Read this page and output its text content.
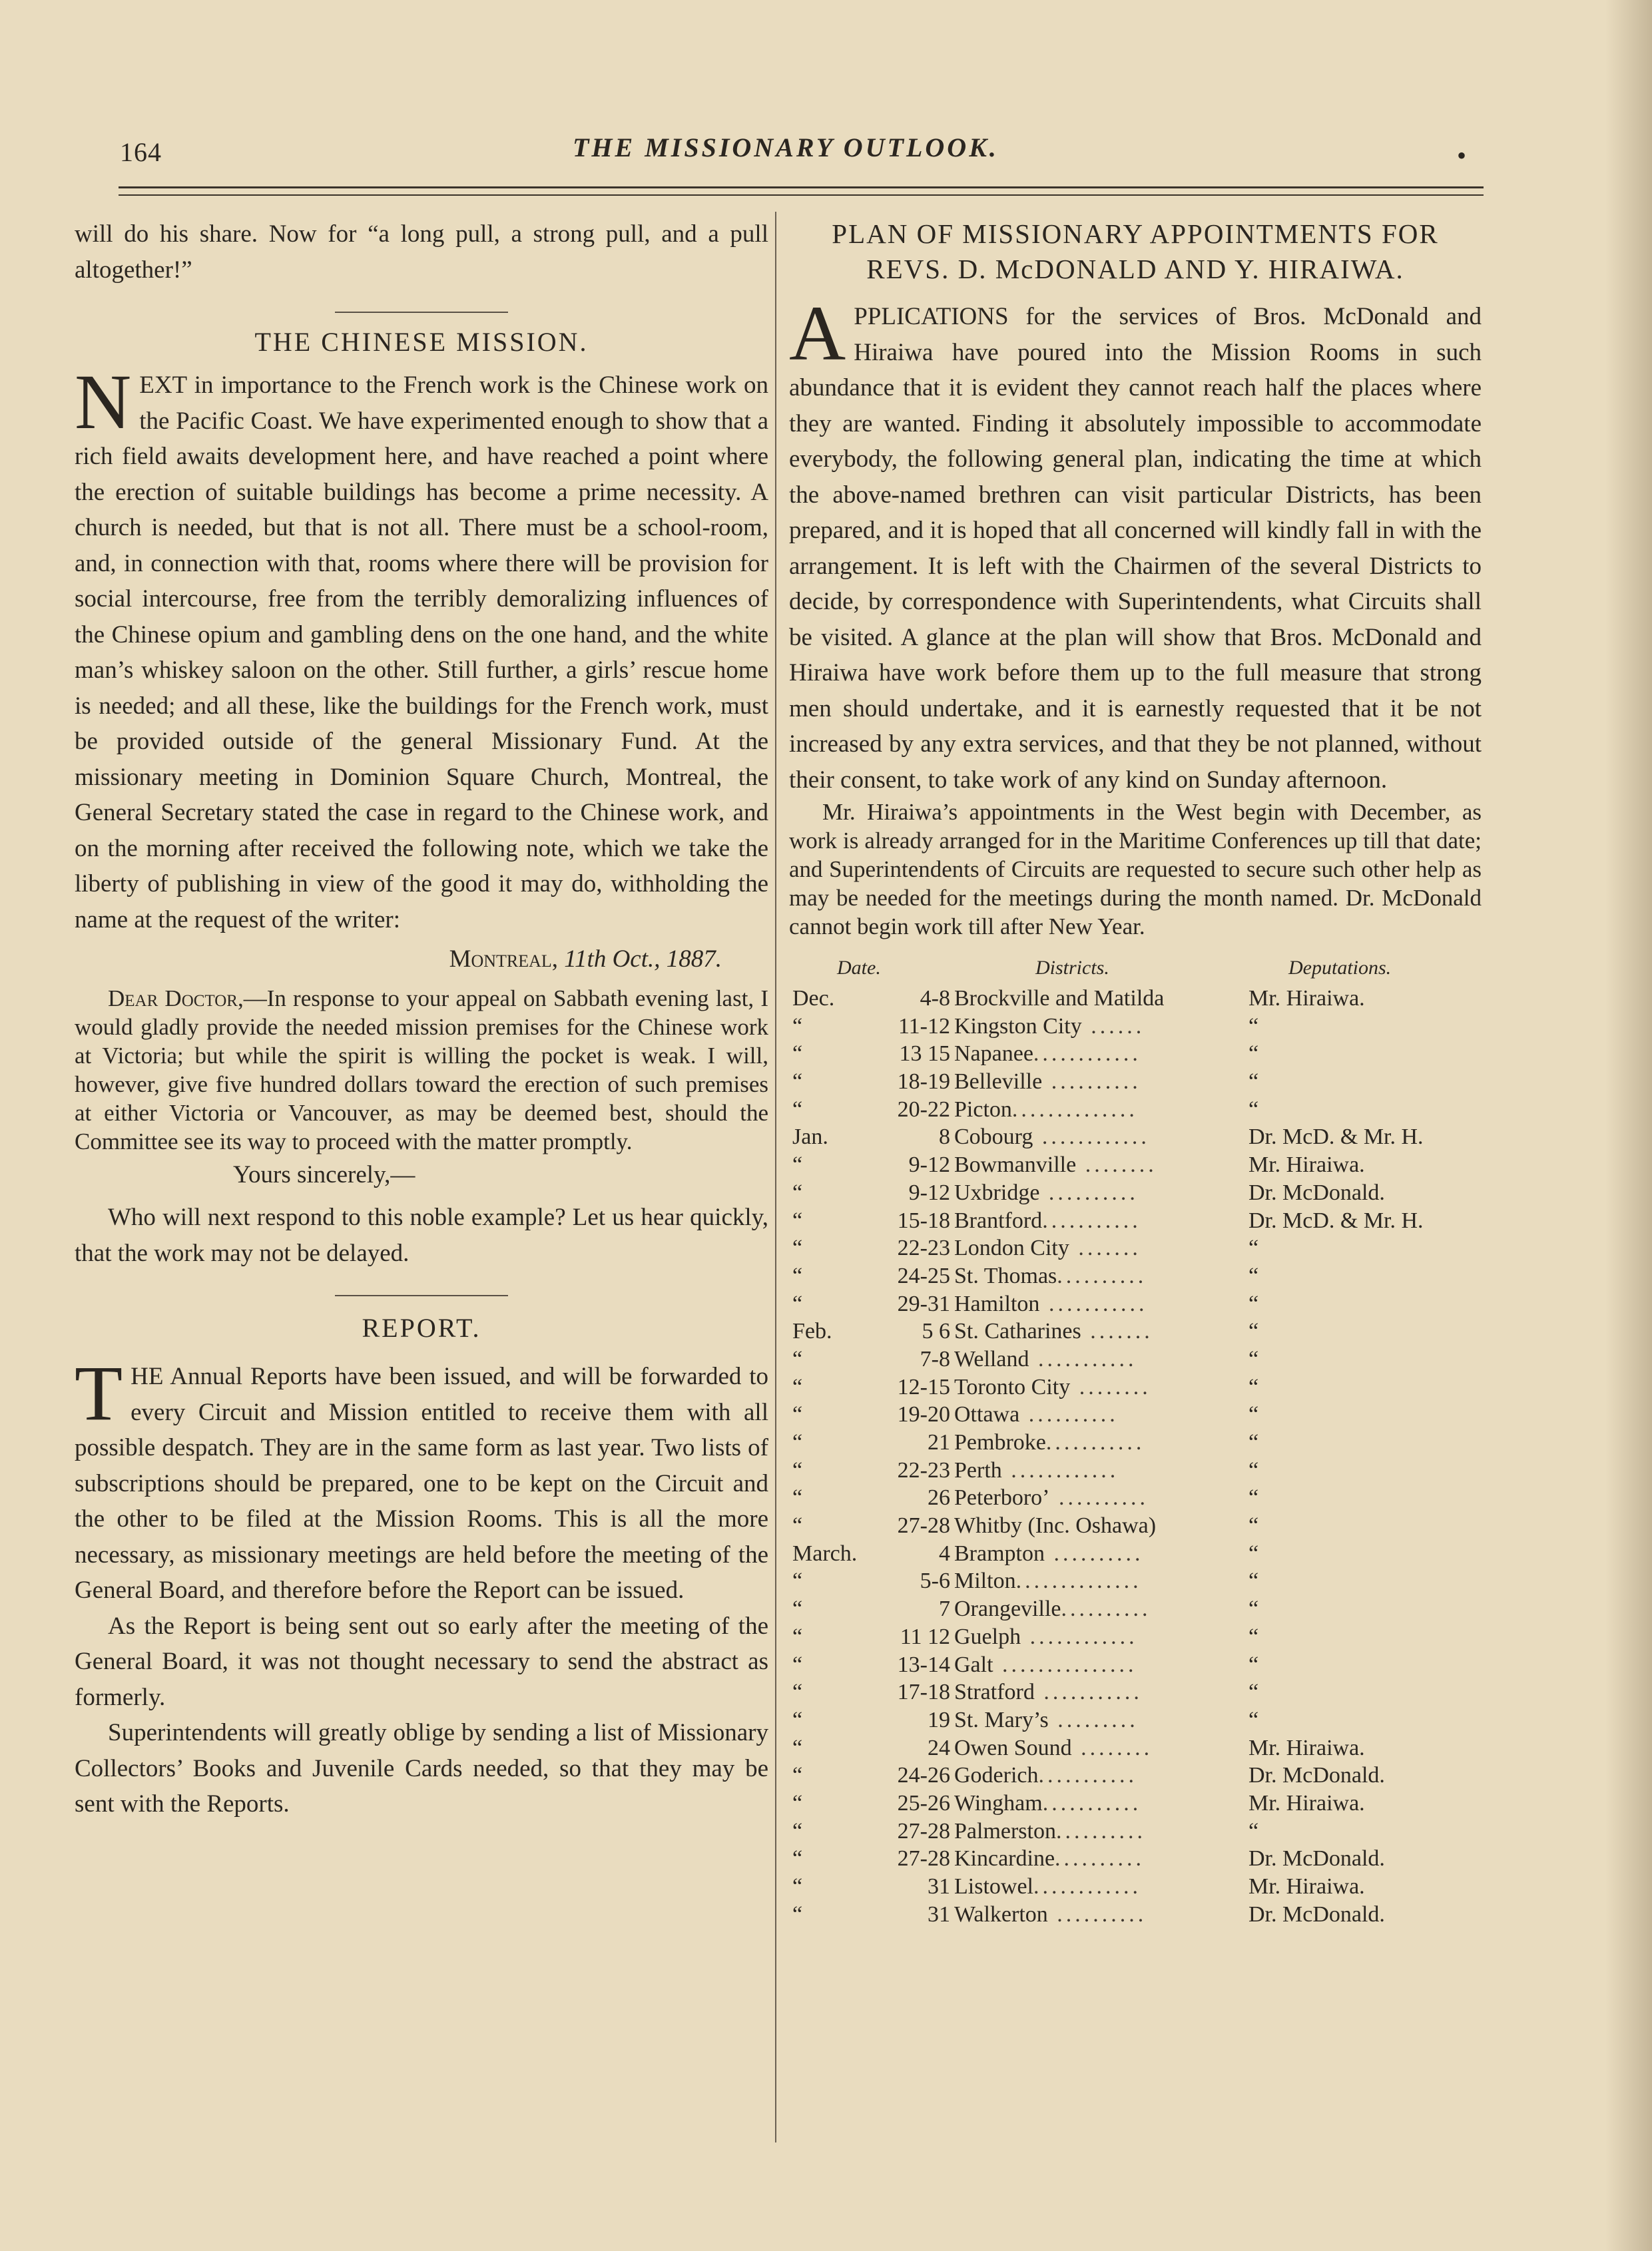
164	THE MISSIONARY OUTLOOK.	•

will do his share. Now for “a long pull, a strong pull, and a pull altogether!”

THE CHINESE MISSION.

NEXT in importance to the French work is the Chinese work on the Pacific Coast. We have experimented enough to show that a rich field awaits development here, and have reached a point where the erection of suitable buildings has become a prime necessity. A church is needed, but that is not all. There must be a school-room, and, in connection with that, rooms where there will be provision for social intercourse, free from the terribly demoralizing influences of the Chinese opium and gambling dens on the one hand, and the white man’s whiskey saloon on the other. Still further, a girls’ rescue home is needed; and all these, like the buildings for the French work, must be provided outside of the general Missionary Fund. At the missionary meeting in Dominion Square Church, Montreal, the General Secretary stated the case in regard to the Chinese work, and on the morning after received the following note, which we take the liberty of publishing in view of the good it may do, withholding the name at the request of the writer:

Montreal, 11th Oct., 1887.

Dear Doctor,—In response to your appeal on Sabbath evening last, I would gladly provide the needed mission premises for the Chinese work at Victoria; but while the spirit is willing the pocket is weak. I will, however, give five hundred dollars toward the erection of such premises at either Victoria or Vancouver, as may be deemed best, should the Committee see its way to proceed with the matter promptly.

Yours sincerely,—

Who will next respond to this noble example? Let us hear quickly, that the work may not be delayed.

REPORT.

THE Annual Reports have been issued, and will be forwarded to every Circuit and Mission entitled to receive them with all possible despatch. They are in the same form as last year. Two lists of subscriptions should be prepared, one to be kept on the Circuit and the other to be filed at the Mission Rooms. This is all the more necessary, as missionary meetings are held before the meeting of the General Board, and therefore before the Report can be issued.

As the Report is being sent out so early after the meeting of the General Board, it was not thought necessary to send the abstract as formerly.

Superintendents will greatly oblige by sending a list of Missionary Collectors’ Books and Juvenile Cards needed, so that they may be sent with the Reports.

PLAN OF MISSIONARY APPOINTMENTS FOR
REVS. D. McDONALD AND Y. HIRAIWA.

APPLICATIONS for the services of Bros. McDonald and Hiraiwa have poured into the Mission Rooms in such abundance that it is evident they cannot reach half the places where they are wanted. Finding it absolutely impossible to accommodate everybody, the following general plan, indicating the time at which the above-named brethren can visit particular Districts, has been prepared, and it is hoped that all concerned will kindly fall in with the arrangement. It is left with the Chairmen of the several Districts to decide, by correspondence with Superintendents, what Circuits shall be visited. A glance at the plan will show that Bros. McDonald and Hiraiwa have work before them up to the full measure that strong men should undertake, and it is earnestly requested that it be not increased by any extra services, and that they be not planned, without their consent, to take work of any kind on Sunday afternoon.

Mr. Hiraiwa’s appointments in the West begin with December, as work is already arranged for in the Maritime Conferences up till that date; and Superintendents of Circuits are requested to secure such other help as may be needed for the meetings during the month named. Dr. McDonald cannot begin work till after New Year.

Date.	Districts.	Deputations.
Dec.	4-8 Brockville and Matilda	Mr. Hiraiwa.
“	11-12 Kingston City ......	“
“	13 15 Napanee............	“
“	18-19 Belleville ..........	“
“	20-22 Picton..............	“
Jan.	8 Cobourg ............	Dr. McD. & Mr. H.
“	9-12 Bowmanville ........	Mr. Hiraiwa.
“	9-12 Uxbridge ..........	Dr. McDonald.
“	15-18 Brantford...........	Dr. McD. & Mr. H.
“	22-23 London City .......	“
“	24-25 St. Thomas..........	“
“	29-31 Hamilton ...........	“
Feb.	5 6 St. Catharines .......	“
“	7-8 Welland ...........	“
“	12-15 Toronto City ........	“
“	19-20 Ottawa ..........	“
“	21 Pembroke...........	“
“	22-23 Perth ............	“
“	26 Peterboro’ ..........	“
“	27-28 Whitby (Inc. Oshawa)	“
March.	4 Brampton ..........	“
“	5-6 Milton..............	“
“	7 Orangeville..........	“
“	11 12 Guelph ............	“
“	13-14 Galt ...............	“
“	17-18 Stratford ...........	“
“	19 St. Mary’s .........	“
“	24 Owen Sound ........	Mr. Hiraiwa.
“	24-26 Goderich...........	Dr. McDonald.
“	25-26 Wingham...........	Mr. Hiraiwa.
“	27-28 Palmerston..........	“
“	27-28 Kincardine..........	Dr. McDonald.
“	31 Listowel............	Mr. Hiraiwa.
“	31 Walkerton ..........	Dr. McDonald.
